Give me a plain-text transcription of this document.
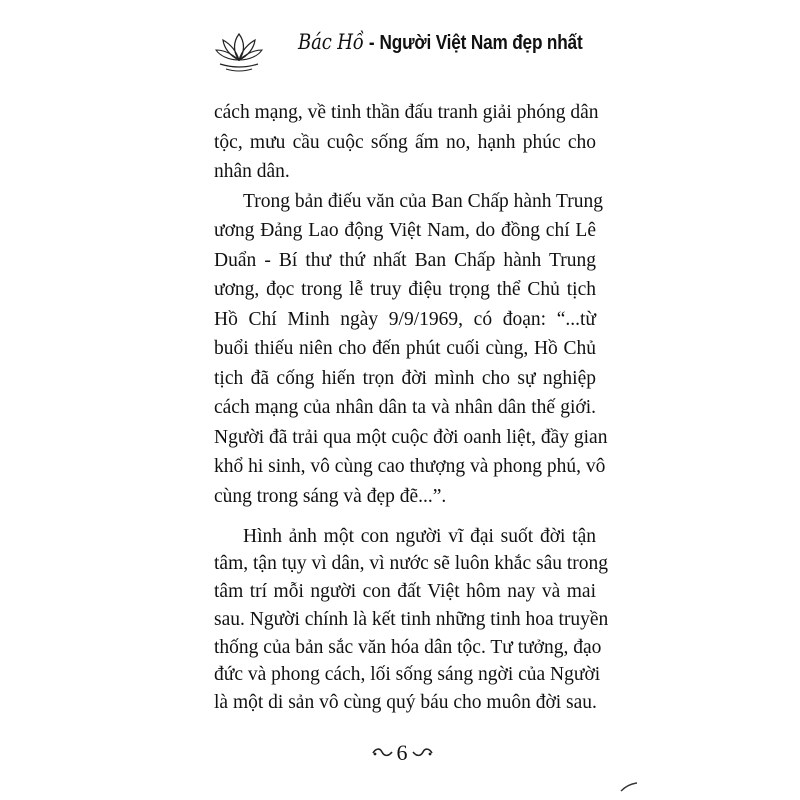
Bác Hồ - Người Việt Nam đẹp nhất
cách mạng, về tinh thần đấu tranh giải phóng dân
tộc, mưu cầu cuộc sống ấm no, hạnh phúc cho
nhân dân.
Trong bản điếu văn của Ban Chấp hành Trung
ương Đảng Lao động Việt Nam, do đồng chí Lê
Duẩn - Bí thư thứ nhất Ban Chấp hành Trung
ương, đọc trong lễ truy điệu trọng thể Chủ tịch
Hồ Chí Minh ngày 9/9/1969, có đoạn: “...từ
buổi thiếu niên cho đến phút cuối cùng, Hồ Chủ
tịch đã cống hiến trọn đời mình cho sự nghiệp
cách mạng của nhân dân ta và nhân dân thế giới.
Người đã trải qua một cuộc đời oanh liệt, đầy gian
khổ hi sinh, vô cùng cao thượng và phong phú, vô
cùng trong sáng và đẹp đẽ...”.
Hình ảnh một con người vĩ đại suốt đời tận
tâm, tận tụy vì dân, vì nước sẽ luôn khắc sâu trong
tâm trí mỗi người con đất Việt hôm nay và mai
sau. Người chính là kết tinh những tinh hoa truyền
thống của bản sắc văn hóa dân tộc. Tư tưởng, đạo
đức và phong cách, lối sống sáng ngời của Người
là một di sản vô cùng quý báu cho muôn đời sau.
6
